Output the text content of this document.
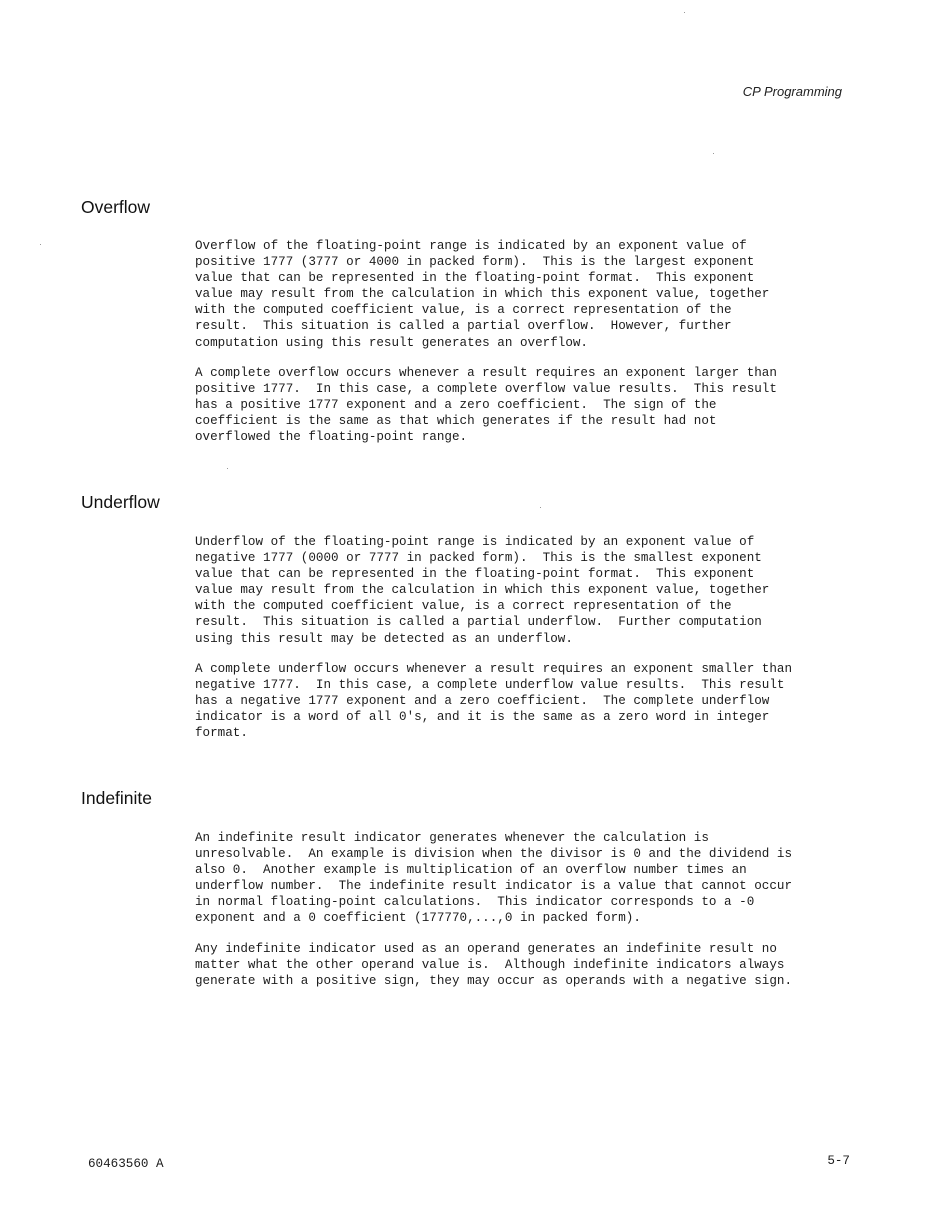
CP Programming
Overflow

Overflow of the floating-point range is indicated by an exponent value of
positive 1777 (3777 or 4000 in packed form).  This is the largest exponent
value that can be represented in the floating-point format.  This exponent
value may result from the calculation in which this exponent value, together
with the computed coefficient value, is a correct representation of the
result.  This situation is called a partial overflow.  However, further
computation using this result generates an overflow.

A complete overflow occurs whenever a result requires an exponent larger than
positive 1777.  In this case, a complete overflow value results.  This result
has a positive 1777 exponent and a zero coefficient.  The sign of the
coefficient is the same as that which generates if the result had not
overflowed the floating-point range.

Underflow

Underflow of the floating-point range is indicated by an exponent value of
negative 1777 (0000 or 7777 in packed form).  This is the smallest exponent
value that can be represented in the floating-point format.  This exponent
value may result from the calculation in which this exponent value, together
with the computed coefficient value, is a correct representation of the
result.  This situation is called a partial underflow.  Further computation
using this result may be detected as an underflow.

A complete underflow occurs whenever a result requires an exponent smaller than
negative 1777.  In this case, a complete underflow value results.  This result
has a negative 1777 exponent and a zero coefficient.  The complete underflow
indicator is a word of all 0's, and it is the same as a zero word in integer
format.

Indefinite

An indefinite result indicator generates whenever the calculation is
unresolvable.  An example is division when the divisor is 0 and the dividend is
also 0.  Another example is multiplication of an overflow number times an
underflow number.  The indefinite result indicator is a value that cannot occur
in normal floating-point calculations.  This indicator corresponds to a -0
exponent and a 0 coefficient (177770,...,0 in packed form).

Any indefinite indicator used as an operand generates an indefinite result no
matter what the other operand value is.  Although indefinite indicators always
generate with a positive sign, they may occur as operands with a negative sign.

60463560 A	5-7
